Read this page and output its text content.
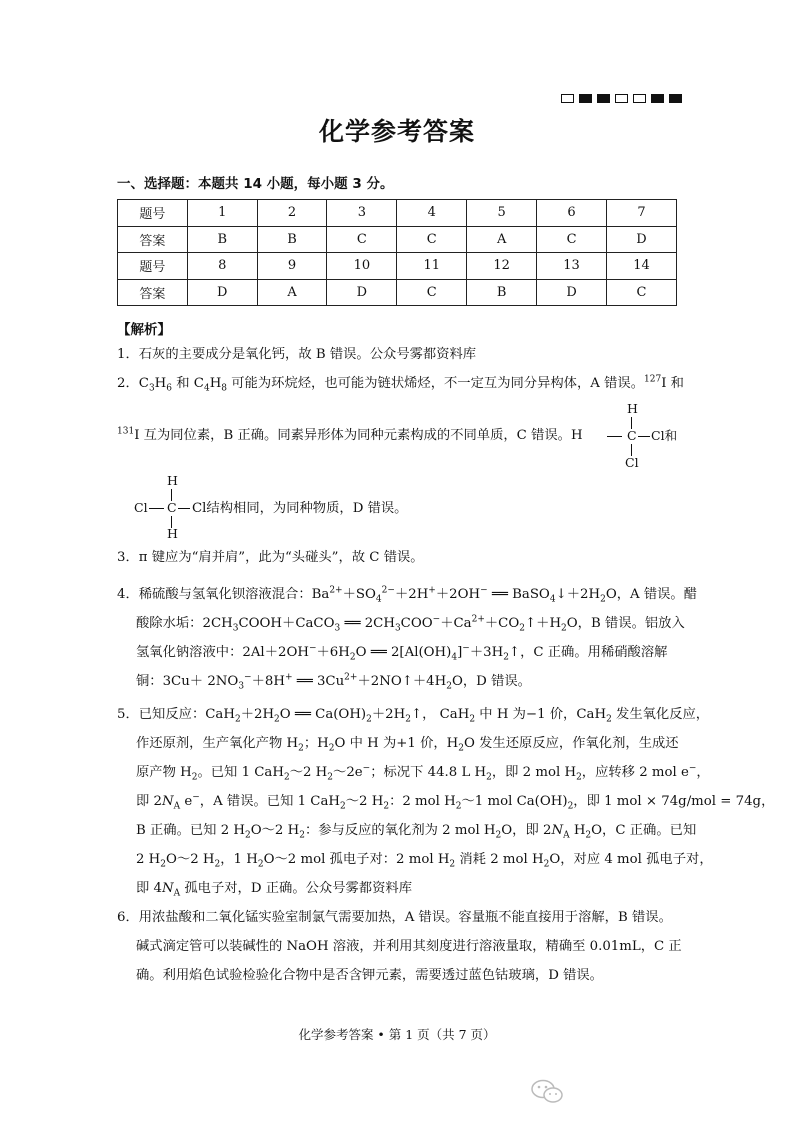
化学参考答案
一、选择题：本题共 14 小题，每小题 3 分。
题号	1	2	3	4	5	6	7
答案	B	B	C	C	A	C	D
题号	8	9	10	11	12	13	14
答案	D	A	D	C	B	D	C
【解析】
1．石灰的主要成分是氧化钙，故 B 错误。公众号雾都资料库
2．$C_3H_6$ 和 $C_4H_8$ 可能为环烷烃，也可能为链状烯烃，不一定互为同分异构体，A 错误。$^{127}$I 和
$^{131}$I 互为同位素，B 正确。同素异形体为同种元素构成的不同单质，C 错误。H
H
C Cl和
Cl
H
Cl C
H
Cl结构相同，为同种物质，D 错误。
3．π 键应为“肩并肩”，此为“头碰头”，故 C 错误。
4．稀硫酸与氢氧化钡溶液混合：$Ba^{2+}+SO_4^{2-}+2H^++2OH^-$ ══ $BaSO_4↓+2H_2O$，A 错误。醋
酸除水垢：$2CH_3COOH+CaCO_3$ ══ $2CH_3COO^-+Ca^{2+}+CO_2↑+H_2O$，B 错误。铝放入
氢氧化钠溶液中：$2Al+2OH^-+6H_2O$ ══ $2[Al(OH)_4]^-+3H_2↑$，C 正确。用稀硝酸溶解
铜：$3Cu+ 2NO_3^-+8H^+$ ══ $3Cu^{2+}+2NO↑+4H_2O$，D 错误。
5．已知反应：$CaH_2+2H_2O$ ══ $Ca(OH)_2+2H_2↑$， CaH$_2$ 中 H 为−1 价，CaH$_2$ 发生氧化反应，
作还原剂，生产氧化产物 $H_2$；$H_2O$ 中 H 为+1 价，$H_2O$ 发生还原反应，作氧化剂，生成还
原产物 $H_2$。已知 1 CaH$_2$～2 $H_2\sim 2e^-$；标况下 44.8 L $H_2$，即 2 mol $H_2$，应转移 2 mol e−，
即 $2N_A$ e−，A 错误。已知 1 CaH$_2$～2 $H_2$：2 mol $H_2\sim 1$ mol $Ca(OH)_2$，即 1 mol × 74g/mol = 74g，
B 正确。已知 2 $H_2O\sim 2$ $H_2$：参与反应的氧化剂为 2 mol $H_2O$，即 $2N_A$ $H_2O$，C 正确。已知
2 $H_2O\sim 2$ $H_2$，1 $H_2O\sim 2$ mol 孤电子对：2 mol $H_2$ 消耗 2 mol $H_2O$，对应 4 mol 孤电子对，
即 $4N_A$ 孤电子对，D 正确。公众号雾都资料库
6．用浓盐酸和二氧化锰实验室制氯气需要加热，A 错误。容量瓶不能直接用于溶解，B 错误。
碱式滴定管可以装碱性的 NaOH 溶液，并利用其刻度进行溶液量取，精确至 0.01mL，C 正
确。利用焰色试验检验化合物中是否含钾元素，需要透过蓝色钴玻璃，D 错误。
化学参考答案 • 第 1 页（共 7 页）
